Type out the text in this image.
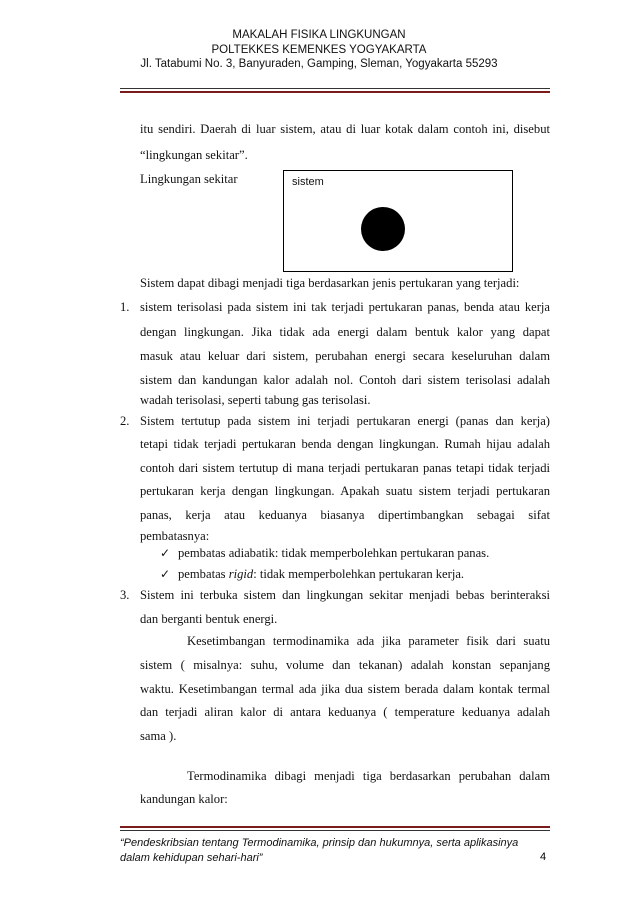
MAKALAH FISIKA LINGKUNGAN
POLTEKKES KEMENKES YOGYAKARTA
Jl. Tatabumi No. 3, Banyuraden, Gamping, Sleman, Yogyakarta 55293
itu sendiri. Daerah di luar sistem, atau di luar kotak dalam contoh ini, disebut
“lingkungan sekitar”.
Lingkungan sekitar	sistem
Sistem dapat dibagi menjadi tiga berdasarkan jenis pertukaran yang terjadi:
1. sistem terisolasi pada sistem ini tak terjadi pertukaran panas, benda atau kerja
dengan lingkungan. Jika tidak ada energi dalam bentuk kalor yang dapat
masuk atau keluar dari sistem, perubahan energi secara keseluruhan dalam
sistem dan kandungan kalor adalah nol. Contoh dari sistem terisolasi adalah
wadah terisolasi, seperti tabung gas terisolasi.
2. Sistem tertutup pada sistem ini terjadi pertukaran energi (panas dan kerja)
tetapi tidak terjadi pertukaran benda dengan lingkungan. Rumah hijau adalah
contoh dari sistem tertutup di mana terjadi pertukaran panas tetapi tidak terjadi
pertukaran kerja dengan lingkungan. Apakah suatu sistem terjadi pertukaran
panas, kerja atau keduanya biasanya dipertimbangkan sebagai sifat
pembatasnya:
✓ pembatas adiabatik: tidak memperbolehkan pertukaran panas.
✓ pembatas rigid: tidak memperbolehkan pertukaran kerja.
3. Sistem ini terbuka sistem dan lingkungan sekitar menjadi bebas berinteraksi
dan berganti bentuk energi.
Kesetimbangan termodinamika ada jika parameter fisik dari suatu
sistem ( misalnya: suhu, volume dan tekanan) adalah konstan sepanjang
waktu. Kesetimbangan termal ada jika dua sistem berada dalam kontak termal
dan terjadi aliran kalor di antara keduanya ( temperature keduanya adalah
sama ).
Termodinamika dibagi menjadi tiga berdasarkan perubahan dalam
kandungan kalor:
“Pendeskribsian tentang Termodinamika, prinsip dan hukumnya, serta aplikasinya
dalam kehidupan sehari-hari”	4
